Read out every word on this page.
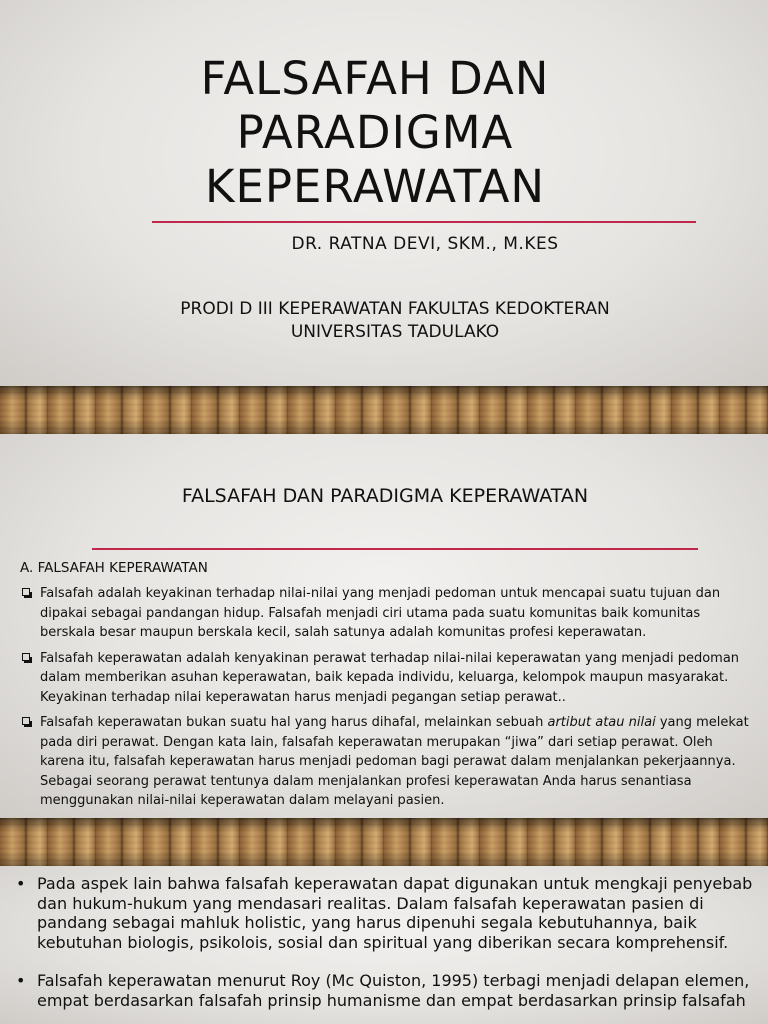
FALSAFAH DAN
PARADIGMA
KEPERAWATAN
DR. RATNA DEVI, SKM., M.KES
PRODI D III KEPERAWATAN FAKULTAS KEDOKTERAN
UNIVERSITAS TADULAKO
FALSAFAH DAN PARADIGMA KEPERAWATAN
A. FALSAFAH KEPERAWATAN
Falsafah adalah keyakinan terhadap nilai-nilai yang menjadi pedoman untuk mencapai suatu tujuan dan dipakai sebagai pandangan hidup. Falsafah menjadi ciri utama pada suatu komunitas baik komunitas berskala besar maupun berskala kecil, salah satunya adalah komunitas profesi keperawatan.
Falsafah keperawatan adalah kenyakinan perawat terhadap nilai-nilai keperawatan yang menjadi pedoman dalam memberikan asuhan keperawatan, baik kepada individu, keluarga, kelompok maupun masyarakat. Keyakinan terhadap nilai keperawatan harus menjadi pegangan setiap perawat..
Falsafah keperawatan bukan suatu hal yang harus dihafal, melainkan sebuah artibut atau nilai yang melekat pada diri perawat. Dengan kata lain, falsafah keperawatan merupakan “jiwa” dari setiap perawat. Oleh karena itu, falsafah keperawatan harus menjadi pedoman bagi perawat dalam menjalankan pekerjaannya. Sebagai seorang perawat tentunya dalam menjalankan profesi keperawatan Anda harus senantiasa menggunakan nilai-nilai keperawatan dalam melayani pasien.
• Pada aspek lain bahwa falsafah keperawatan dapat digunakan untuk mengkaji penyebab dan hukum-hukum yang mendasari realitas. Dalam falsafah keperawatan pasien di pandang sebagai mahluk holistic, yang harus dipenuhi segala kebutuhannya, baik kebutuhan biologis, psikolois, sosial dan spiritual yang diberikan secara komprehensif.
• Falsafah keperawatan menurut Roy (Mc Quiston, 1995) terbagi menjadi delapan elemen, empat berdasarkan falsafah prinsip humanisme dan empat berdasarkan prinsip falsafah
